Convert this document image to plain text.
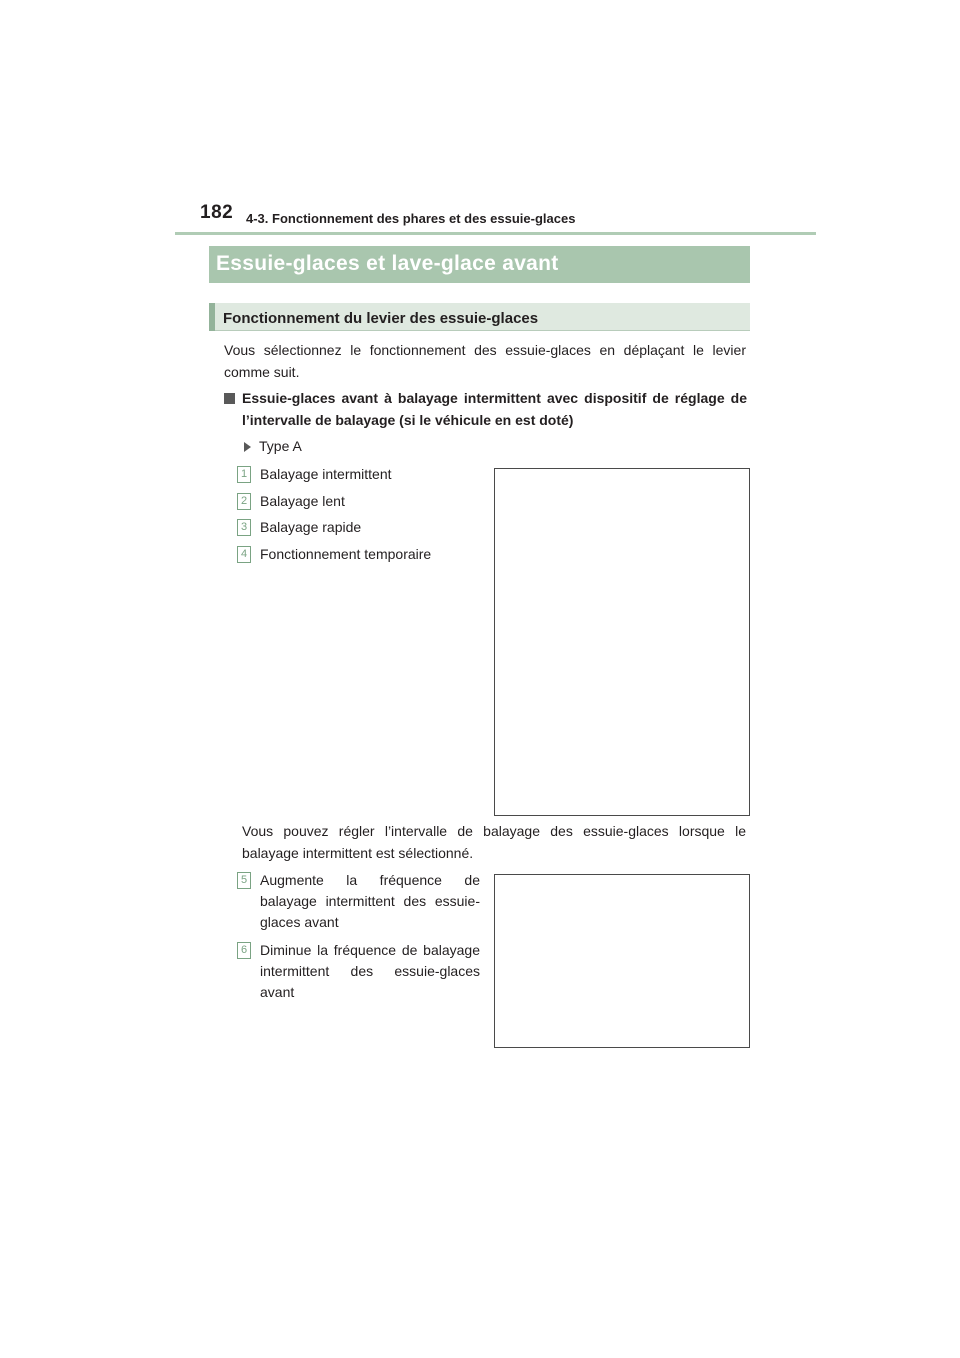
182 4-3. Fonctionnement des phares et des essuie-glaces
Essuie-glaces et lave-glace avant
Fonctionnement du levier des essuie-glaces
Vous sélectionnez le fonctionnement des essuie-glaces en déplaçant le levier comme suit.
Essuie-glaces avant à balayage intermittent avec dispositif de réglage de l’intervalle de balayage (si le véhicule en est doté)
Type A
1 Balayage intermittent
2 Balayage lent
3 Balayage rapide
4 Fonctionnement temporaire
Vous pouvez régler l’intervalle de balayage des essuie-glaces lorsque le balayage intermittent est sélectionné.
5 Augmente la fréquence de balayage intermittent des essuie-glaces avant
6 Diminue la fréquence de balayage intermittent des essuie-glaces avant
